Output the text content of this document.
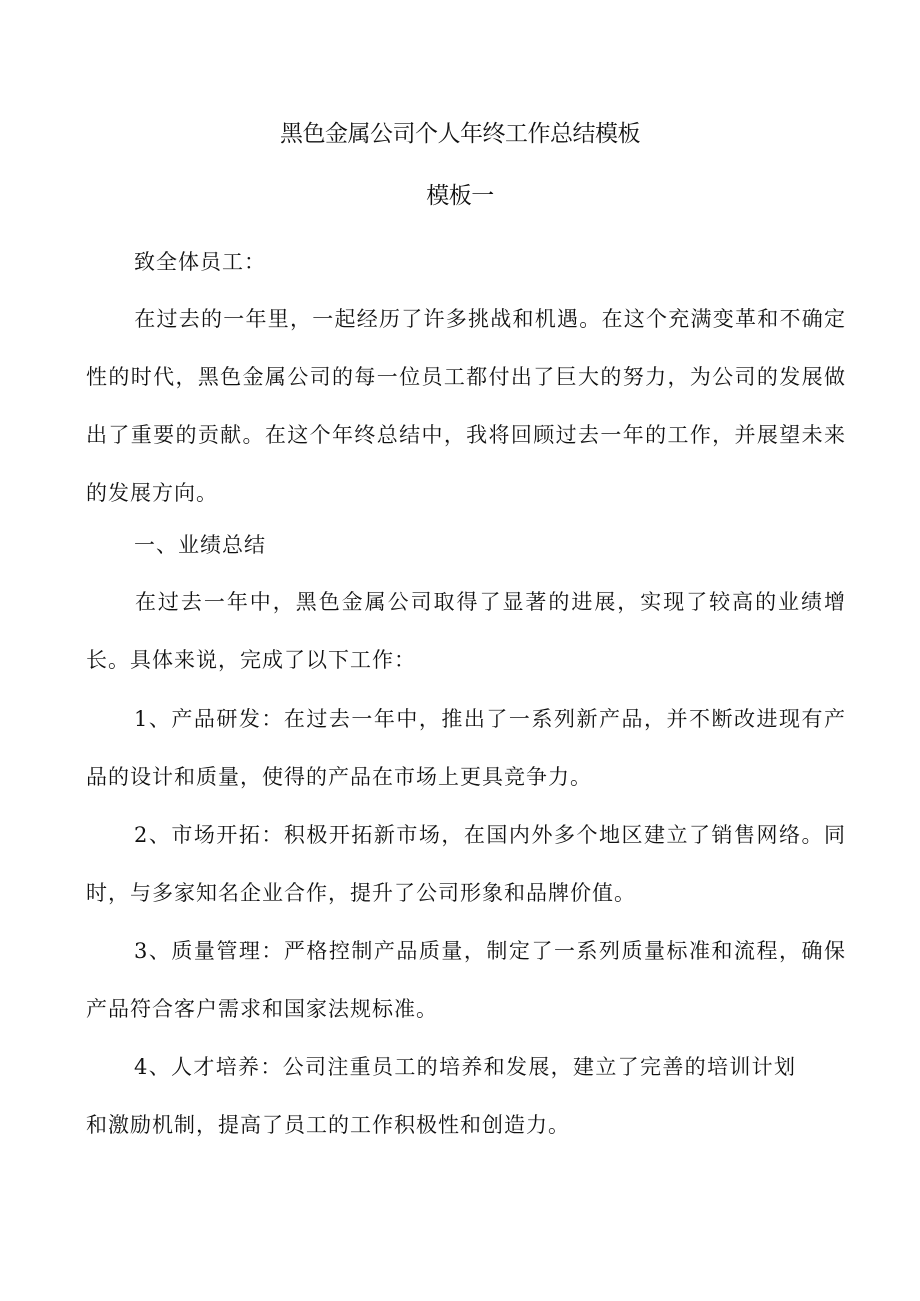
黑色金属公司个人年终工作总结模板
模板一
致全体员工：
在过去的一年里，一起经历了许多挑战和机遇。在这个充满变革和不确定性的时代，黑色金属公司的每一位员工都付出了巨大的努力，为公司的发展做出了重要的贡献。在这个年终总结中，我将回顾过去一年的工作，并展望未来的发展方向。
一、业绩总结
在过去一年中，黑色金属公司取得了显著的进展，实现了较高的业绩增长。具体来说，完成了以下工作：
1、产品研发：在过去一年中，推出了一系列新产品，并不断改进现有产品的设计和质量，使得的产品在市场上更具竞争力。
2、市场开拓：积极开拓新市场，在国内外多个地区建立了销售网络。同时，与多家知名企业合作，提升了公司形象和品牌价值。
3、质量管理：严格控制产品质量，制定了一系列质量标准和流程，确保产品符合客户需求和国家法规标准。
4、人才培养：公司注重员工的培养和发展，建立了完善的培训计划和激励机制，提高了员工的工作积极性和创造力。
